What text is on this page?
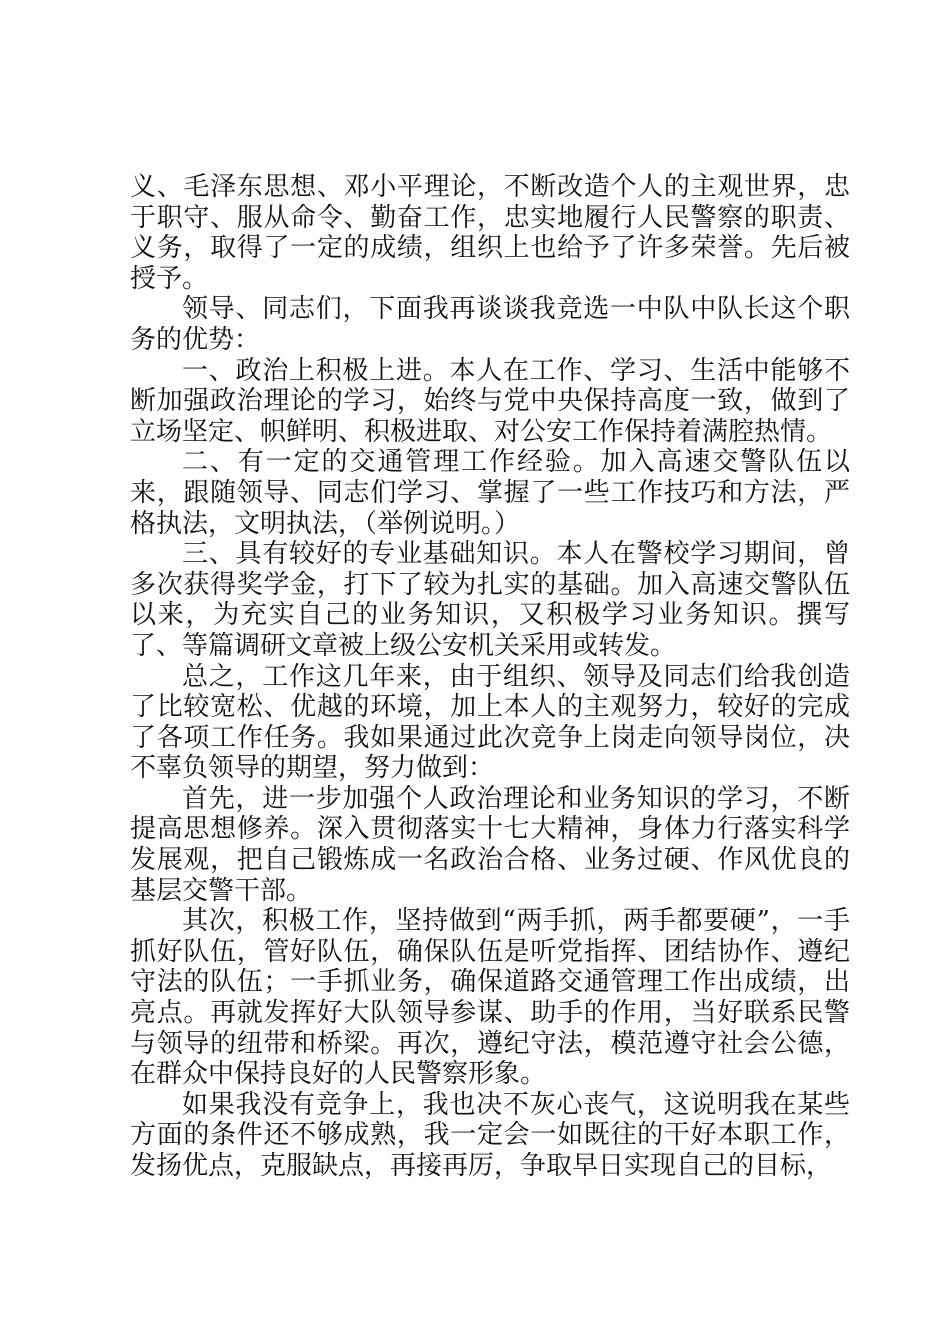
义、毛泽东思想、邓小平理论，不断改造个人的主观世界，忠于职守、服从命令、勤奋工作，忠实地履行人民警察的职责、义务，取得了一定的成绩，组织上也给予了许多荣誉。先后被授予。

领导、同志们，下面我再谈谈我竞选一中队中队长这个职务的优势：

一、政治上积极上进。本人在工作、学习、生活中能够不断加强政治理论的学习，始终与党中央保持高度一致，做到了立场坚定、帜鲜明、积极进取、对公安工作保持着满腔热情。

二、有一定的交通管理工作经验。加入高速交警队伍以来，跟随领导、同志们学习、掌握了一些工作技巧和方法，严格执法，文明执法，（举例说明。）

三、具有较好的专业基础知识。本人在警校学习期间，曾多次获得奖学金，打下了较为扎实的基础。加入高速交警队伍以来，为充实自己的业务知识，又积极学习业务知识。撰写了、等篇调研文章被上级公安机关采用或转发。

总之，工作这几年来，由于组织、领导及同志们给我创造了比较宽松、优越的环境，加上本人的主观努力，较好的完成了各项工作任务。我如果通过此次竞争上岗走向领导岗位，决不辜负领导的期望，努力做到：

首先，进一步加强个人政治理论和业务知识的学习，不断提高思想修养。深入贯彻落实十七大精神，身体力行落实科学发展观，把自己锻炼成一名政治合格、业务过硬、作风优良的基层交警干部。

其次，积极工作，坚持做到“两手抓，两手都要硬”，一手抓好队伍，管好队伍，确保队伍是听党指挥、团结协作、遵纪守法的队伍；一手抓业务，确保道路交通管理工作出成绩，出亮点。再就发挥好大队领导参谋、助手的作用，当好联系民警与领导的纽带和桥梁。再次，遵纪守法，模范遵守社会公德，在群众中保持良好的人民警察形象。

如果我没有竞争上，我也决不灰心丧气，这说明我在某些方面的条件还不够成熟，我一定会一如既往的干好本职工作，发扬优点，克服缺点，再接再厉，争取早日实现自己的目标，
